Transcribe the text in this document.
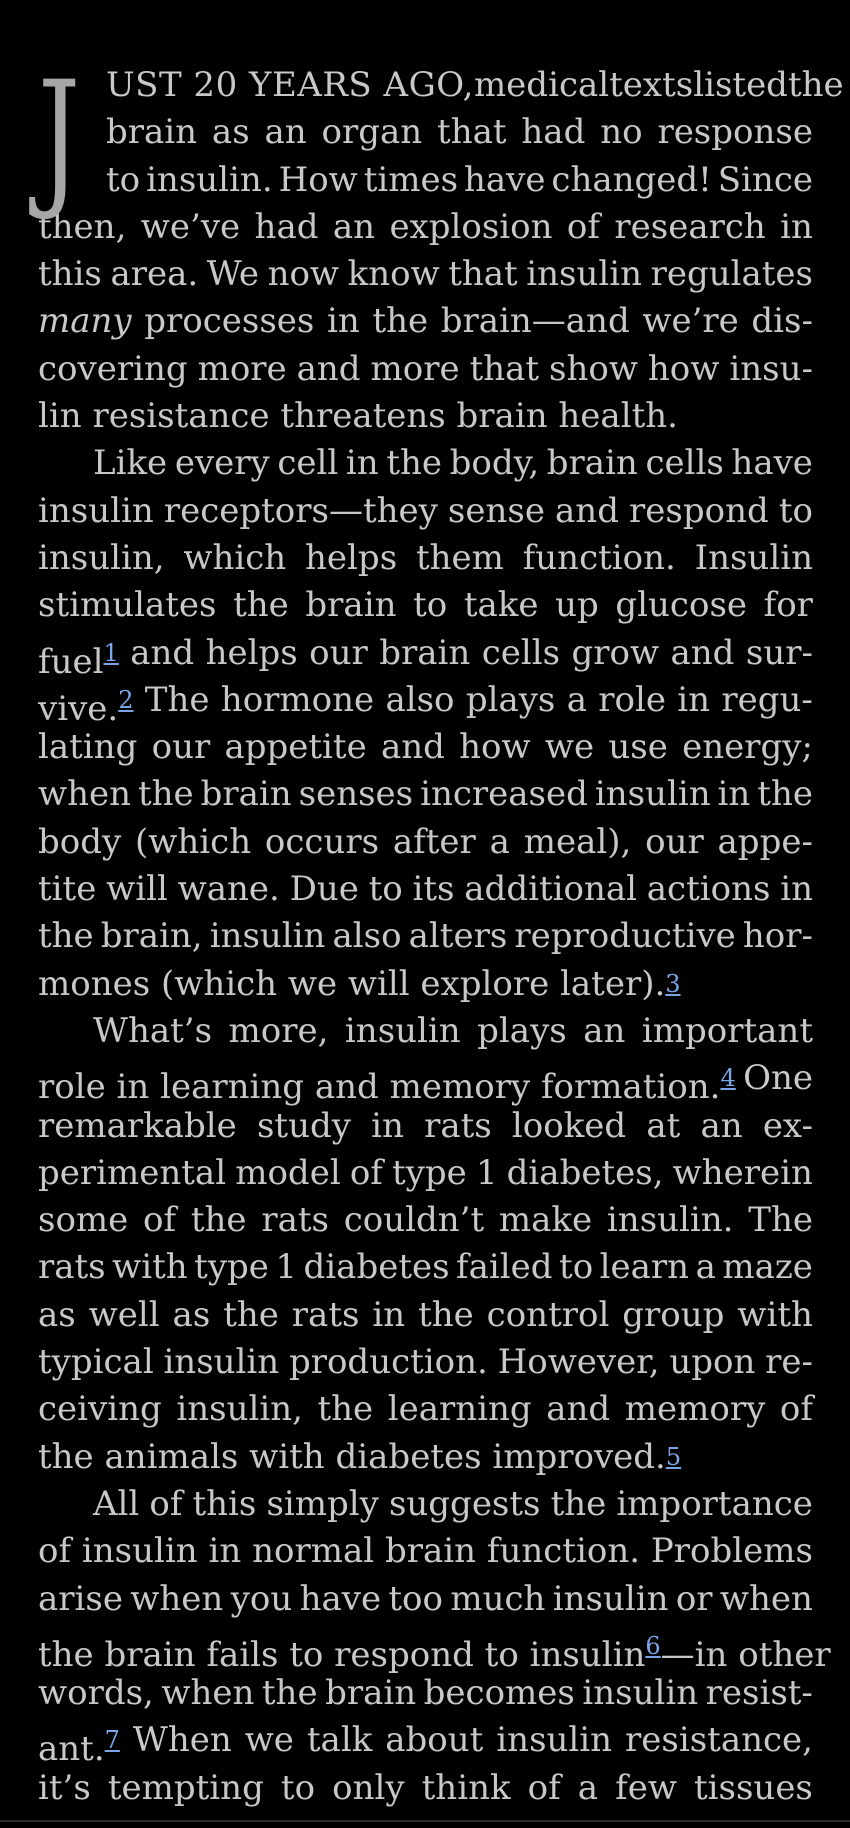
J UST 20 YEARS AGO, medical texts listed the
brain as an organ that had no response
to insulin. How times have changed! Since
then, we’ve had an explosion of research in
this area. We now know that insulin regulates
many processes in the brain—and we’re dis-
covering more and more that show how insu-
lin resistance threatens brain health.
Like every cell in the body, brain cells have
insulin receptors—they sense and respond to
insulin, which helps them function. Insulin
stimulates the brain to take up glucose for
fuel$^1$ and helps our brain cells grow and sur-
vive.$^2$ The hormone also plays a role in regu-
lating our appetite and how we use energy;
when the brain senses increased insulin in the
body (which occurs after a meal), our appe-
tite will wane. Due to its additional actions in
the brain, insulin also alters reproductive hor-
mones (which we will explore later). 3
What’s more, insulin plays an important
role in learning and memory formation.$^4$ One
remarkable study in rats looked at an ex-
perimental model of type 1 diabetes, wherein
some of the rats couldn’t make insulin. The
rats with type 1 diabetes failed to learn a maze
as well as the rats in the control group with
typical insulin production. However, upon re-
ceiving insulin, the learning and memory of
the animals with diabetes improved. 5
All of this simply suggests the importance
of insulin in normal brain function. Problems
arise when you have too much insulin or when
the brain fails to respond to insulin$^6$—in other
words, when the brain becomes insulin resist-
ant.$^7$ When we talk about insulin resistance,
it’s tempting to only think of a few tissues
